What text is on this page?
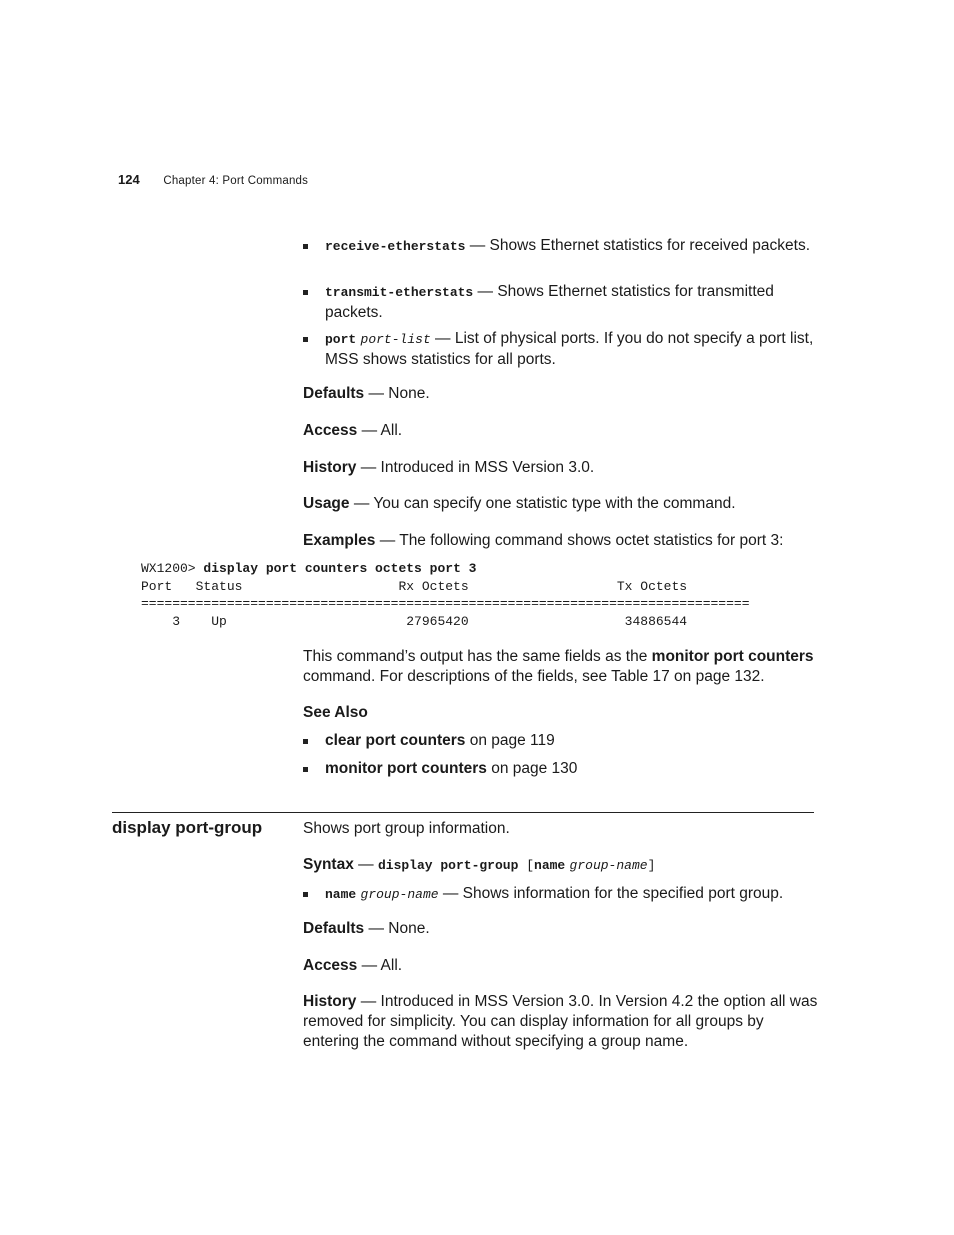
124 Chapter 4: Port Commands
receive-etherstats — Shows Ethernet statistics for received packets.
transmit-etherstats — Shows Ethernet statistics for transmitted packets.
port port-list — List of physical ports. If you do not specify a port list, MSS shows statistics for all ports.
Defaults — None.
Access — All.
History — Introduced in MSS Version 3.0.
Usage — You can specify one statistic type with the command.
Examples — The following command shows octet statistics for port 3:
WX1200> display port counters octets port 3
Port   Status                    Rx Octets                   Tx Octets
==============================================================================
3    Up                       27965420                    34886544
This command’s output has the same fields as the monitor port counters command. For descriptions of the fields, see Table 17 on page 132.
See Also
clear port counters on page 119
monitor port counters on page 130
display port-group	Shows port group information.
Syntax — display port-group [name group-name]
name group-name — Shows information for the specified port group.
Defaults — None.
Access — All.
History — Introduced in MSS Version 3.0. In Version 4.2 the option all was removed for simplicity. You can display information for all groups by entering the command without specifying a group name.
